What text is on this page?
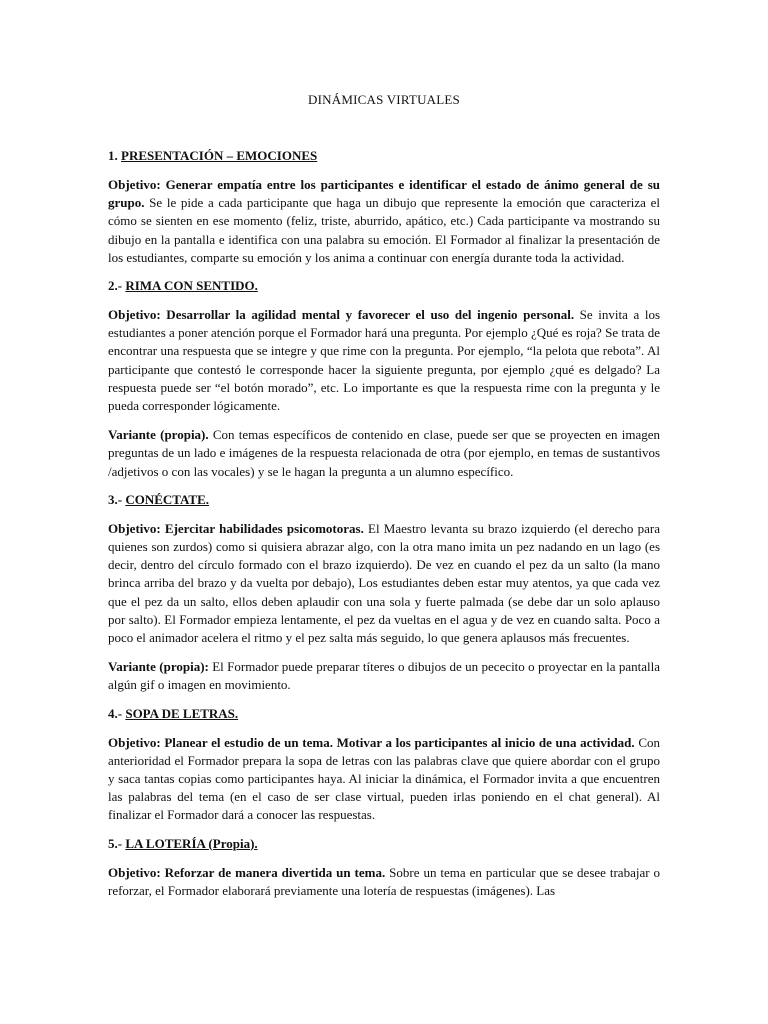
DINÁMICAS VIRTUALES
1. PRESENTACIÓN – EMOCIONES

Objetivo: Generar empatía entre los participantes e identificar el estado de ánimo general de su grupo. Se le pide a cada participante que haga un dibujo que represente la emoción que caracteriza el cómo se sienten en ese momento (feliz, triste, aburrido, apático, etc.) Cada participante va mostrando su dibujo en la pantalla e identifica con una palabra su emoción. El Formador al finalizar la presentación de los estudiantes, comparte su emoción y los anima a continuar con energía durante toda la actividad.

2.- RIMA CON SENTIDO.

Objetivo: Desarrollar la agilidad mental y favorecer el uso del ingenio personal. Se invita a los estudiantes a poner atención porque el Formador hará una pregunta. Por ejemplo ¿Qué es roja? Se trata de encontrar una respuesta que se integre y que rime con la pregunta. Por ejemplo, “la pelota que rebota”. Al participante que contestó le corresponde hacer la siguiente pregunta, por ejemplo ¿qué es delgado? La respuesta puede ser “el botón morado”, etc. Lo importante es que la respuesta rime con la pregunta y le pueda corresponder lógicamente.

Variante (propia). Con temas específicos de contenido en clase, puede ser que se proyecten en imagen preguntas de un lado e imágenes de la respuesta relacionada de otra (por ejemplo, en temas de sustantivos /adjetivos o con las vocales) y se le hagan la pregunta a un alumno específico.

3.- CONÉCTATE.

Objetivo: Ejercitar habilidades psicomotoras. El Maestro levanta su brazo izquierdo (el derecho para quienes son zurdos) como si quisiera abrazar algo, con la otra mano imita un pez nadando en un lago (es decir, dentro del círculo formado con el brazo izquierdo). De vez en cuando el pez da un salto (la mano brinca arriba del brazo y da vuelta por debajo), Los estudiantes deben estar muy atentos, ya que cada vez que el pez da un salto, ellos deben aplaudir con una sola y fuerte palmada (se debe dar un solo aplauso por salto). El Formador empieza lentamente, el pez da vueltas en el agua y de vez en cuando salta. Poco a poco el animador acelera el ritmo y el pez salta más seguido, lo que genera aplausos más frecuentes.

Variante (propia): El Formador puede preparar títeres o dibujos de un pececito o proyectar en la pantalla algún gif o imagen en movimiento.

4.- SOPA DE LETRAS.

Objetivo: Planear el estudio de un tema. Motivar a los participantes al inicio de una actividad. Con anterioridad el Formador prepara la sopa de letras con las palabras clave que quiere abordar con el grupo y saca tantas copias como participantes haya. Al iniciar la dinámica, el Formador invita a que encuentren las palabras del tema (en el caso de ser clase virtual, pueden irlas poniendo en el chat general). Al finalizar el Formador dará a conocer las respuestas.

5.- LA LOTERÍA (Propia).

Objetivo: Reforzar de manera divertida un tema. Sobre un tema en particular que se desee trabajar o reforzar, el Formador elaborará previamente una lotería de respuestas (imágenes). Las
